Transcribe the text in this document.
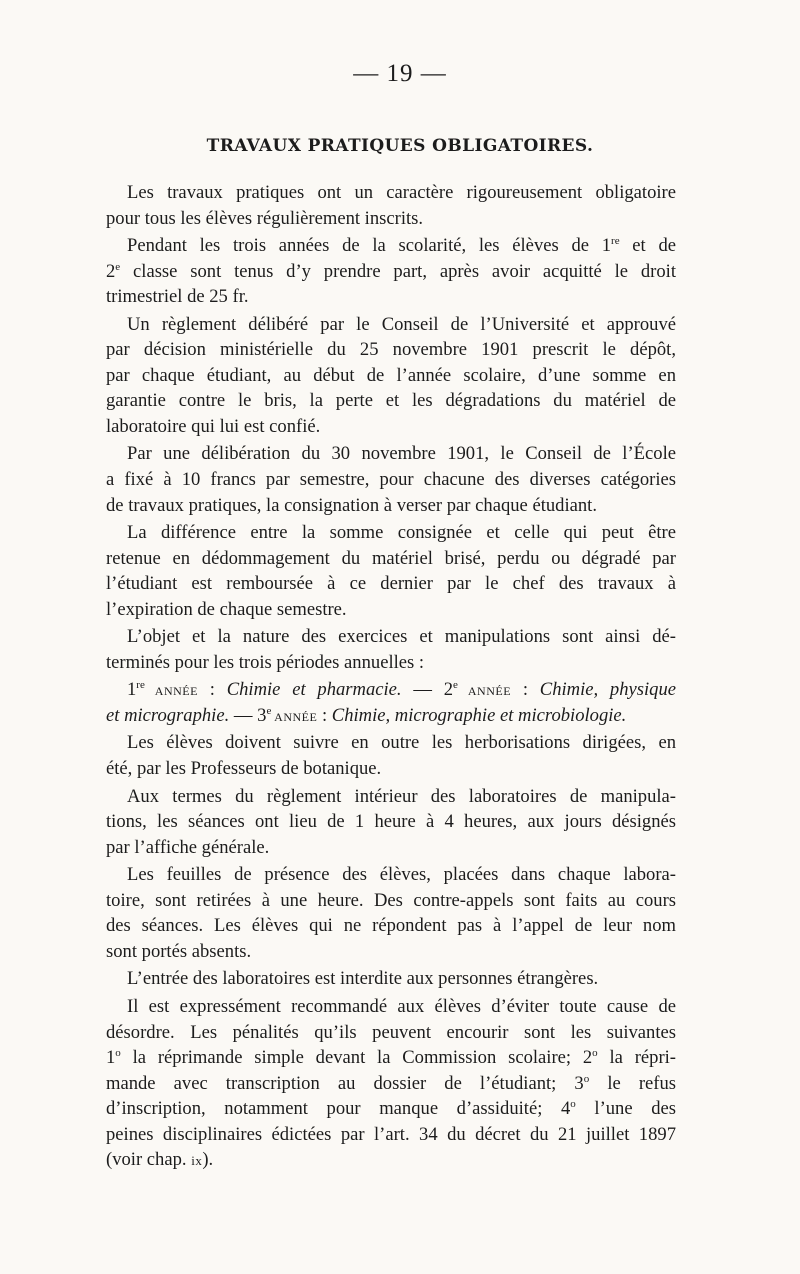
— 19 —
TRAVAUX PRATIQUES OBLIGATOIRES.
Les travaux pratiques ont un caractère rigoureusement obligatoire
pour tous les élèves régulièrement inscrits.
Pendant les trois années de la scolarité, les élèves de 1re et de
2e classe sont tenus d’y prendre part, après avoir acquitté le droit
trimestriel de 25 fr.
Un règlement délibéré par le Conseil de l’Université et approuvé
par décision ministérielle du 25 novembre 1901 prescrit le dépôt,
par chaque étudiant, au début de l’année scolaire, d’une somme en
garantie contre le bris, la perte et les dégradations du matériel de
laboratoire qui lui est confié.
Par une délibération du 30 novembre 1901, le Conseil de l’École
a fixé à 10 francs par semestre, pour chacune des diverses catégories
de travaux pratiques, la consignation à verser par chaque étudiant.
La différence entre la somme consignée et celle qui peut être
retenue en dédommagement du matériel brisé, perdu ou dégradé par
l’étudiant est remboursée à ce dernier par le chef des travaux à
l’expiration de chaque semestre.
L’objet et la nature des exercices et manipulations sont ainsi dé-
terminés pour les trois périodes annuelles :
1re ANNÉE : Chimie et pharmacie. — 2e ANNÉE : Chimie, physique
et micrographie. — 3e ANNÉE : Chimie, micrographie et microbiologie.
Les élèves doivent suivre en outre les herborisations dirigées, en
été, par les Professeurs de botanique.
Aux termes du règlement intérieur des laboratoires de manipula-
tions, les séances ont lieu de 1 heure à 4 heures, aux jours désignés
par l’affiche générale.
Les feuilles de présence des élèves, placées dans chaque labora-
toire, sont retirées à une heure. Des contre-appels sont faits au cours
des séances. Les élèves qui ne répondent pas à l’appel de leur nom
sont portés absents.
L’entrée des laboratoires est interdite aux personnes étrangères.
Il est expressément recommandé aux élèves d’éviter toute cause de
désordre. Les pénalités qu’ils peuvent encourir sont les suivantes
1$^o$ la réprimande simple devant la Commission scolaire; 2$^o$ la répri-
mande avec transcription au dossier de l’étudiant; 3$^o$ le refus
d’inscription, notamment pour manque d’assiduité; 4$^o$ l’une des
peines disciplinaires édictées par l’art. 34 du décret du 21 juillet 1897
(voir chap. ix).
